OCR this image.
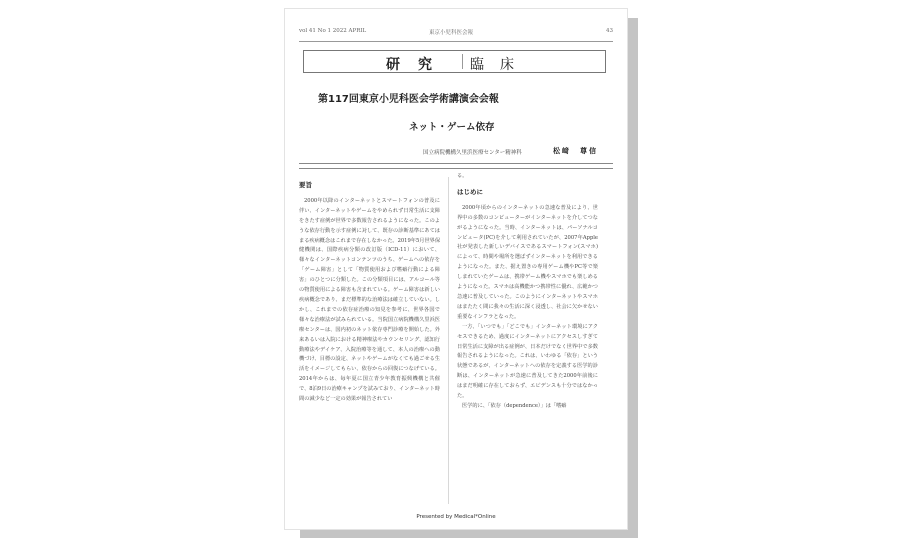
vol 41 No 1 2022 APRIL	東京小児科医会報	43
研究 臨床
第117回東京小児科医会学術講演会会報
ネット・ゲーム依存
国立病院機構久里浜医療センター精神科	松﨑　尊信
要旨

2000年以降のインターネットとスマートフォンの普及に伴い、インターネットやゲームをやめられず日常生活に支障をきたす症例が世界で多数報告されるようになった。このような依存行動を示す症例に対して、既存の診断基準にあてはまる疾病概念はこれまで存在しなかった。2019年5月世界保健機関は、国際疾病分類の改訂版（ICD-11）において、様々なインターネットコンテンツのうち、ゲームへの依存を「ゲーム障害」として「物質使用および嗜癖行動による障害」のひとつに分類した。この分類項目には、アルコール等の物質使用による障害も含まれている。ゲーム障害は新しい疾病概念であり、まだ標準的な治療法は確立していない。しかし、これまでの依存症治療の知見を参考に、世界各国で様々な治療法が試みられている。当院国立病院機構久里浜医療センターは、国内初のネット依存専門診療を開始した。外来あるいは入院における精神療法やカウンセリング、認知行動療法やデイケア、入院治療等を通して、本人の治療への動機づけ、目標の設定、ネットやゲームがなくても過ごせる生活をイメージしてもらい、依存からの回復につなげている。2014年からは、毎年夏に国立青少年教育振興機構と共催で、8泊9日の治療キャンプを試みており、インターネット時間の減少など一定の効果が報告されてい

る。

はじめに

2000年頃からのインターネットの急速な普及により、世界中の多数のコンピューターがインターネットを介してつながるようになった。当時、インターネットは、パーソナルコンピュータ(PC)を介して利用されていたが、2007年Apple社が発表した新しいデバイスであるスマートフォン(スマホ)によって、時間や場所を選ばずインターネットを利用できるようになった。また、据え置きの専用ゲーム機やPC等で楽しまれていたゲームは、携帯ゲーム機やスマホでも楽しめるようになった。スマホは高機能かつ携帯性に優れ、広範かつ急速に普及していった。このようにインターネットやスマホはまたたく間に我々の生活に深く浸透し、社会に欠かせない重要なインフラとなった。

一方、「いつでも」「どこでも」インターネット環境にアクセスできるため、過度にインターネットにアクセスしすぎて日常生活に支障が出る症例が、日本だけでなく世界中で多数報告されるようになった。これは、いわゆる「依存」という状態であるが、インターネットへの依存を定義する医学的診断は、インターネットが急速に普及してきた2000年前後にはまだ明確に存在しておらず、エビデンスも十分ではなかった。

医学的に、「依存（dependence）」は「嗜癖

Presented by Medical*Online
